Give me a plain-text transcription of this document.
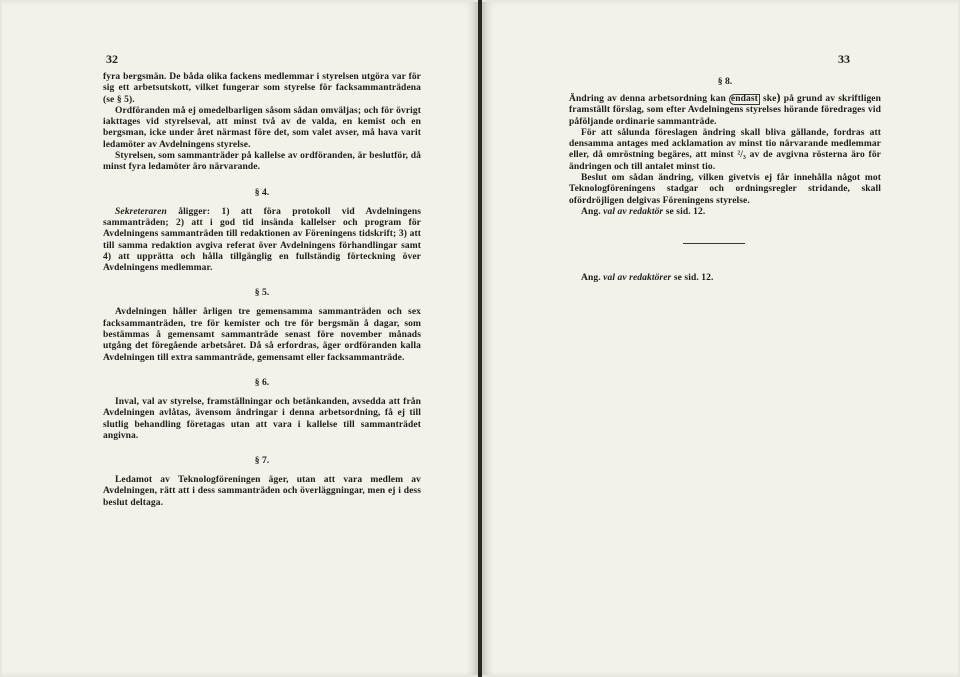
32

fyra bergsmän. De båda olika fackens medlemmar i styrelsen utgöra var för sig ett arbetsutskott, vilket fungerar som styrelse för facksammanträdena (se § 5).

Ordföranden må ej omedelbarligen såsom sådan omväljas; och för övrigt iakttages vid styrelseval, att minst två av de valda, en kemist och en bergsman, icke under året närmast före det, som valet avser, må hava varit ledamöter av Avdelningens styrelse.

Styrelsen, som sammanträder på kallelse av ordföranden, är beslutför, då minst fyra ledamöter äro närvarande.

§ 4.

Sekreteraren åligger: 1) att föra protokoll vid Avdelningens sammanträden; 2) att i god tid insända kallelser och program för Avdelningens sammanträden till redaktionen av Föreningens tidskrift; 3) att till samma redaktion avgiva referat över Avdelningens förhandlingar samt 4) att upprätta och hålla tillgänglig en fullständig förteckning över Avdelningens medlemmar.

§ 5.

Avdelningen håller årligen tre gemensamma sammanträden och sex facksammanträden, tre för kemister och tre för bergsmän å dagar, som bestämmas å gemensamt sammanträde senast före november månads utgång det föregående arbetsåret. Då så erfordras, äger ordföranden kalla Avdelningen till extra sammanträde, gemensamt eller facksammanträde.

§ 6.

Inval, val av styrelse, framställningar och betänkanden, avsedda att från Avdelningen avlåtas, ävensom ändringar i denna arbetsordning, få ej till slutlig behandling företagas utan att vara i kallelse till sammanträdet angivna.

§ 7.

Ledamot av Teknologföreningen äger, utan att vara medlem av Avdelningen, rätt att i dess sammanträden och överläggningar, men ej i dess beslut deltaga.

33
§ 8.

Ändring av denna arbetsordning kan endast ske) på grund av skriftligen framställt förslag, som efter Avdelningens styrelses hörande föredrages vid påföljande ordinarie sammanträde.

För att sålunda föreslagen ändring skall bliva gällande, fordras att densamma antages med acklamation av minst tio närvarande medlemmar eller, då omröstning begäres, att minst ²/₃ av de avgivna rösterna äro för ändringen och till antalet minst tio.

Beslut om sådan ändring, vilken givetvis ej får innehålla något mot Teknologföreningens stadgar och ordningsregler stridande, skall ofördröjligen delgivas Föreningens styrelse.

Ang. val av redaktör se sid. 12.

Ang. val av redaktörer se sid. 12.
